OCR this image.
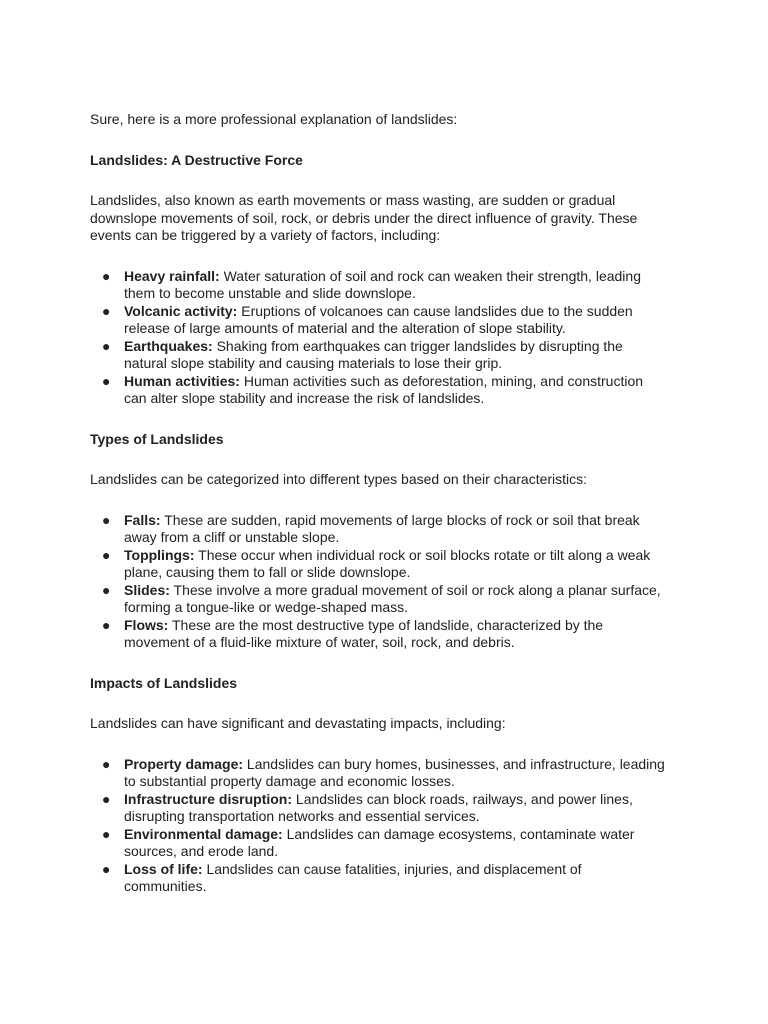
Sure, here is a more professional explanation of landslides:

Landslides: A Destructive Force

Landslides, also known as earth movements or mass wasting, are sudden or gradual downslope movements of soil, rock, or debris under the direct influence of gravity. These events can be triggered by a variety of factors, including:

● Heavy rainfall: Water saturation of soil and rock can weaken their strength, leading them to become unstable and slide downslope.
● Volcanic activity: Eruptions of volcanoes can cause landslides due to the sudden release of large amounts of material and the alteration of slope stability.
● Earthquakes: Shaking from earthquakes can trigger landslides by disrupting the natural slope stability and causing materials to lose their grip.
● Human activities: Human activities such as deforestation, mining, and construction can alter slope stability and increase the risk of landslides.

Types of Landslides

Landslides can be categorized into different types based on their characteristics:

● Falls: These are sudden, rapid movements of large blocks of rock or soil that break away from a cliff or unstable slope.
● Topplings: These occur when individual rock or soil blocks rotate or tilt along a weak plane, causing them to fall or slide downslope.
● Slides: These involve a more gradual movement of soil or rock along a planar surface, forming a tongue-like or wedge-shaped mass.
● Flows: These are the most destructive type of landslide, characterized by the movement of a fluid-like mixture of water, soil, rock, and debris.

Impacts of Landslides

Landslides can have significant and devastating impacts, including:

● Property damage: Landslides can bury homes, businesses, and infrastructure, leading to substantial property damage and economic losses.
● Infrastructure disruption: Landslides can block roads, railways, and power lines, disrupting transportation networks and essential services.
● Environmental damage: Landslides can damage ecosystems, contaminate water sources, and erode land.
● Loss of life: Landslides can cause fatalities, injuries, and displacement of communities.
